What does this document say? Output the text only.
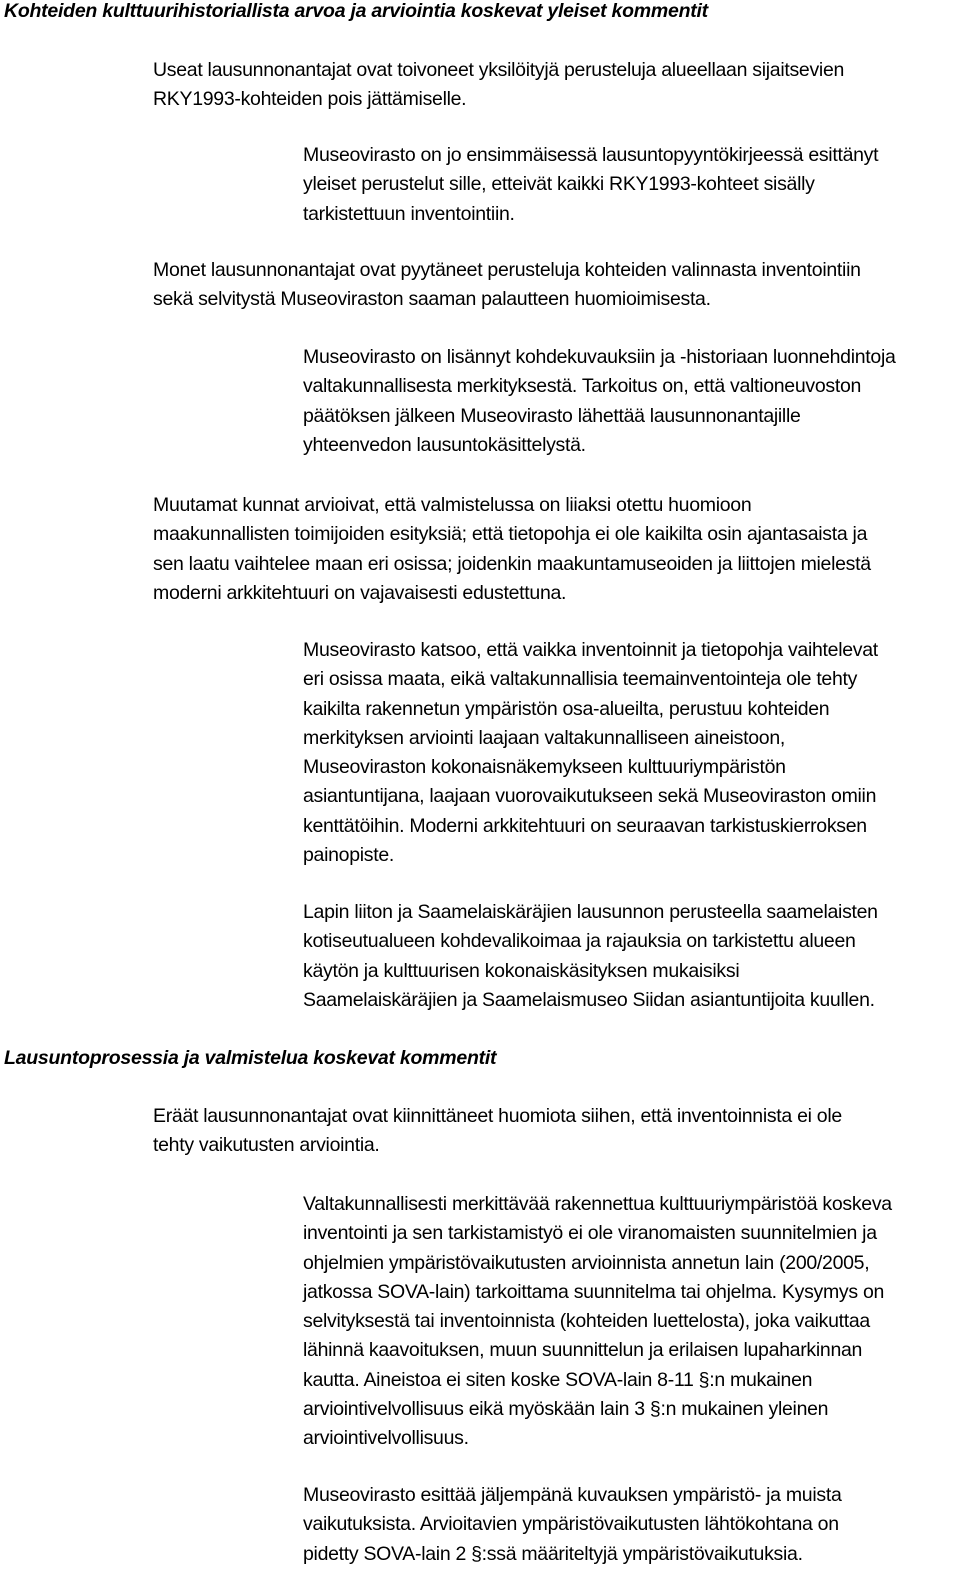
Kohteiden kulttuurihistoriallista arvoa ja arviointia koskevat yleiset kommentit

Useat lausunnonantajat ovat toivoneet yksilöityjä perusteluja alueellaan sijaitsevien
RKY1993-kohteiden pois jättämiselle.

Museovirasto on jo ensimmäisessä lausuntopyyntökirjeessä esittänyt
yleiset perustelut sille, etteivät kaikki RKY1993-kohteet sisälly
tarkistettuun inventointiin.

Monet lausunnonantajat ovat pyytäneet perusteluja kohteiden valinnasta inventointiin
sekä selvitystä Museoviraston saaman palautteen huomioimisesta.

Museovirasto on lisännyt kohdekuvauksiin ja -historiaan luonnehdintoja
valtakunnallisesta merkityksestä. Tarkoitus on, että valtioneuvoston
päätöksen jälkeen Museovirasto lähettää lausunnonantajille
yhteenvedon lausuntokäsittelystä.

Muutamat kunnat arvioivat, että valmistelussa on liiaksi otettu huomioon
maakunnallisten toimijoiden esityksiä; että tietopohja ei ole kaikilta osin ajantasaista ja
sen laatu vaihtelee maan eri osissa; joidenkin maakuntamuseoiden ja liittojen mielestä
moderni arkkitehtuuri on vajavaisesti edustettuna.

Museovirasto katsoo, että vaikka inventoinnit ja tietopohja vaihtelevat
eri osissa maata, eikä valtakunnallisia teemainventointeja ole tehty
kaikilta rakennetun ympäristön osa-alueilta, perustuu kohteiden
merkityksen arviointi laajaan valtakunnalliseen aineistoon,
Museoviraston kokonaisnäkemykseen kulttuuriympäristön
asiantuntijana, laajaan vuorovaikutukseen sekä Museoviraston omiin
kenttätöihin. Moderni arkkitehtuuri on seuraavan tarkistuskierroksen
painopiste.

Lapin liiton ja Saamelaiskäräjien lausunnon perusteella saamelaisten
kotiseutualueen kohdevalikoimaa ja rajauksia on tarkistettu alueen
käytön ja kulttuurisen kokonaiskäsityksen mukaisiksi
Saamelaiskäräjien ja Saamelaismuseo Siidan asiantuntijoita kuullen.

Lausuntoprosessia ja valmistelua koskevat kommentit

Eräät lausunnonantajat ovat kiinnittäneet huomiota siihen, että inventoinnista ei ole
tehty vaikutusten arviointia.

Valtakunnallisesti merkittävää rakennettua kulttuuriympäristöä koskeva
inventointi ja sen tarkistamistyö ei ole viranomaisten suunnitelmien ja
ohjelmien ympäristövaikutusten arvioinnista annetun lain (200/2005,
jatkossa SOVA-lain) tarkoittama suunnitelma tai ohjelma. Kysymys on
selvityksestä tai inventoinnista (kohteiden luettelosta), joka vaikuttaa
lähinnä kaavoituksen, muun suunnittelun ja erilaisen lupaharkinnan
kautta. Aineistoa ei siten koske SOVA-lain 8-11 §:n mukainen
arviointivelvollisuus eikä myöskään lain 3 §:n mukainen yleinen
arviointivelvollisuus.

Museovirasto esittää jäljempänä kuvauksen ympäristö- ja muista
vaikutuksista. Arvioitavien ympäristövaikutusten lähtökohtana on
pidetty SOVA-lain 2 §:ssä määriteltyjä ympäristövaikutuksia.
